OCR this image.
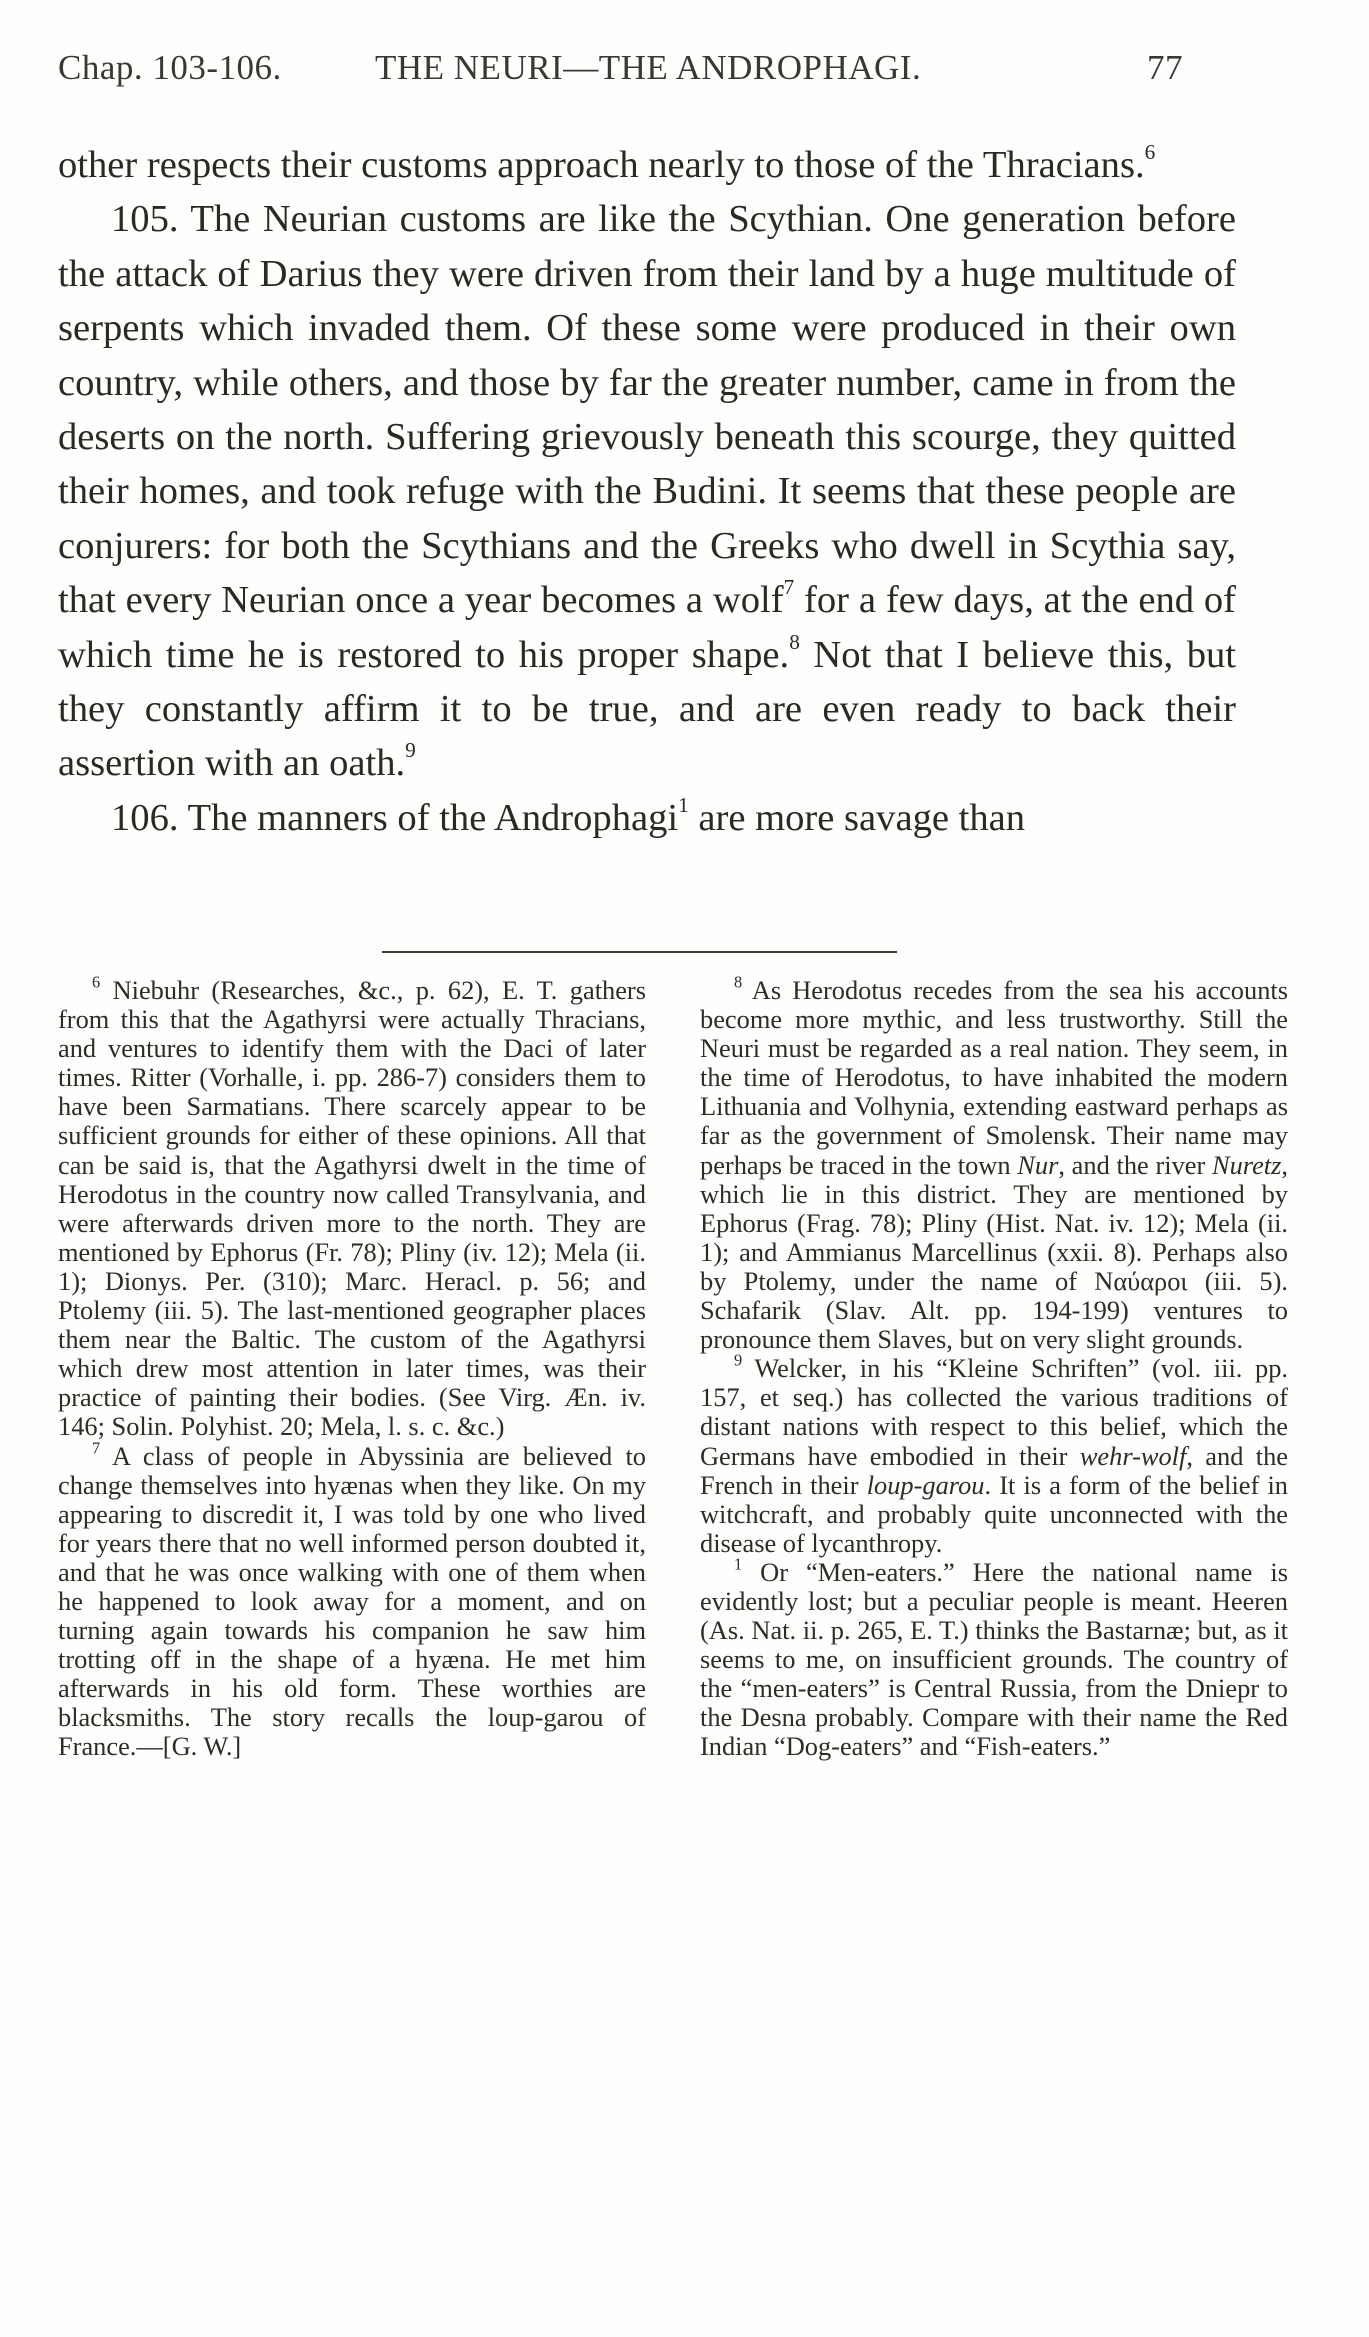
Chap. 103-106.	THE NEURI—THE ANDROPHAGI.	77

other respects their customs approach nearly to those of the Thracians.$^6$

105. The Neurian customs are like the Scythian. One generation before the attack of Darius they were driven from their land by a huge multitude of serpents which invaded them. Of these some were produced in their own country, while others, and those by far the greater number, came in from the deserts on the north. Suffering grievously beneath this scourge, they quitted their homes, and took refuge with the Budini. It seems that these people are conjurers: for both the Scythians and the Greeks who dwell in Scythia say, that every Neurian once a year becomes a wolf$^7$ for a few days, at the end of which time he is restored to his proper shape.$^8$ Not that I believe this, but they constantly affirm it to be true, and are even ready to back their assertion with an oath.$^9$

106. The manners of the Androphagi$^1$ are more savage than

$^6$ Niebuhr (Researches, &c., p. 62), E. T. gathers from this that the Agathyrsi were actually Thracians, and ventures to identify them with the Daci of later times. Ritter (Vorhalle, i. pp. 286-7) considers them to have been Sarmatians. There scarcely appear to be sufficient grounds for either of these opinions. All that can be said is, that the Agathyrsi dwelt in the time of Herodotus in the country now called Transylvania, and were afterwards driven more to the north. They are mentioned by Ephorus (Fr. 78); Pliny (iv. 12); Mela (ii. 1); Dionys. Per. (310); Marc. Heracl. p. 56; and Ptolemy (iii. 5). The last-mentioned geographer places them near the Baltic. The custom of the Agathyrsi which drew most attention in later times, was their practice of painting their bodies. (See Virg. Æn. iv. 146; Solin. Polyhist. 20; Mela, l. s. c. &c.)

$^7$ A class of people in Abyssinia are believed to change themselves into hyænas when they like. On my appearing to discredit it, I was told by one who lived for years there that no well informed person doubted it, and that he was once walking with one of them when he happened to look away for a moment, and on turning again towards his companion he saw him trotting off in the shape of a hyæna. He met him afterwards in his old form. These worthies are blacksmiths. The story recalls the loup-garou of France.—[G. W.]

$^8$ As Herodotus recedes from the sea his accounts become more mythic, and less trustworthy. Still the Neuri must be regarded as a real nation. They seem, in the time of Herodotus, to have inhabited the modern Lithuania and Volhynia, extending eastward perhaps as far as the government of Smolensk. Their name may perhaps be traced in the town Nur, and the river Nuretz, which lie in this district. They are mentioned by Ephorus (Frag. 78); Pliny (Hist. Nat. iv. 12); Mela (ii. 1); and Ammianus Marcellinus (xxii. 8). Perhaps also by Ptolemy, under the name of Ναύαροι (iii. 5). Schafarik (Slav. Alt. pp. 194-199) ventures to pronounce them Slaves, but on very slight grounds.

$^9$ Welcker, in his “Kleine Schriften” (vol. iii. pp. 157, et seq.) has collected the various traditions of distant nations with respect to this belief, which the Germans have embodied in their wehr-wolf, and the French in their loup-garou. It is a form of the belief in witchcraft, and probably quite unconnected with the disease of lycanthropy.

$^1$ Or “Men-eaters.” Here the national name is evidently lost; but a peculiar people is meant. Heeren (As. Nat. ii. p. 265, E. T.) thinks the Bastarnæ; but, as it seems to me, on insufficient grounds. The country of the “men-eaters” is Central Russia, from the Dniepr to the Desna probably. Compare with their name the Red Indian “Dog-eaters” and “Fish-eaters.”
